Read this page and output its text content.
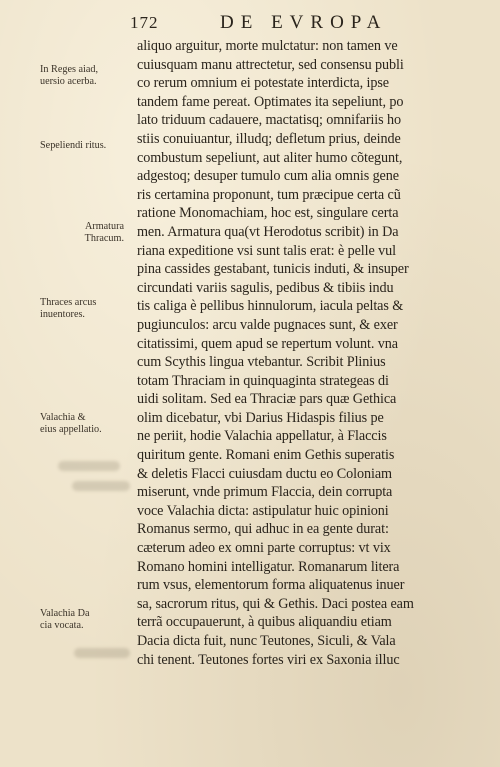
172	DE EVROPA
aliquo arguitur, morte mulctatur: non tamen ve
cuiusquam manu attrectetur, sed consensu publi
co rerum omnium ei potestate interdicta, ipse
tandem fame pereat. Optimates ita sepeliunt, po
lato triduum cadauere, mactatisq; omnifariis ho
stiis conuiuantur, illudq; defletum prius, deinde
combustum sepeliunt, aut aliter humo cõtegunt,
adgestoq; desuper tumulo cum alia omnis gene
ris certamina proponunt, tum præcipue certa cũ
ratione Monomachiam, hoc est, singulare certa
men. Armatura qua(vt Herodotus scribit) in Da
riana expeditione vsi sunt talis erat: è pelle vul
pina cassides gestabant, tunicis induti, & insuper
circundati variis sagulis, pedibus & tibiis indu
tis caliga è pellibus hinnulorum, iacula peltas &
pugiunculos: arcu valde pugnaces sunt, & exer
citatissimi, quem apud se repertum volunt. vna
cum Scythis lingua vtebantur. Scribit Plinius
totam Thraciam in quinquaginta strategeas di
uidi solitam. Sed ea Thraciæ pars quæ Gethica
olim dicebatur, vbi Darius Hidaspis filius pe
ne periit, hodie Valachia appellatur, à Flaccis
quiritum gente. Romani enim Gethis superatis
& deletis Flacci cuiusdam ductu eo Coloniam
miserunt, vnde primum Flaccia, dein corrupta
voce Valachia dicta: astipulatur huic opinioni
Romanus sermo, qui adhuc in ea gente durat:
cæterum adeo ex omni parte corruptus: vt vix
Romano homini intelligatur. Romanarum litera
rum vsus, elementorum forma aliquatenus inuer
sa, sacrorum ritus, qui & Gethis. Daci postea eam
terrã occupauerunt, à quibus aliquandiu etiam
Dacia dicta fuit, nunc Teutones, Siculi, & Vala
chi tenent. Teutones fortes viri ex Saxonia illuc
In Reges aiad,
uersio acerba.
Sepeliendi ritus.
Armatura
Thracum.
Thraces arcus
inuentores.
Valachia &
eius appellatio.
Valachia Da
cia vocata.
